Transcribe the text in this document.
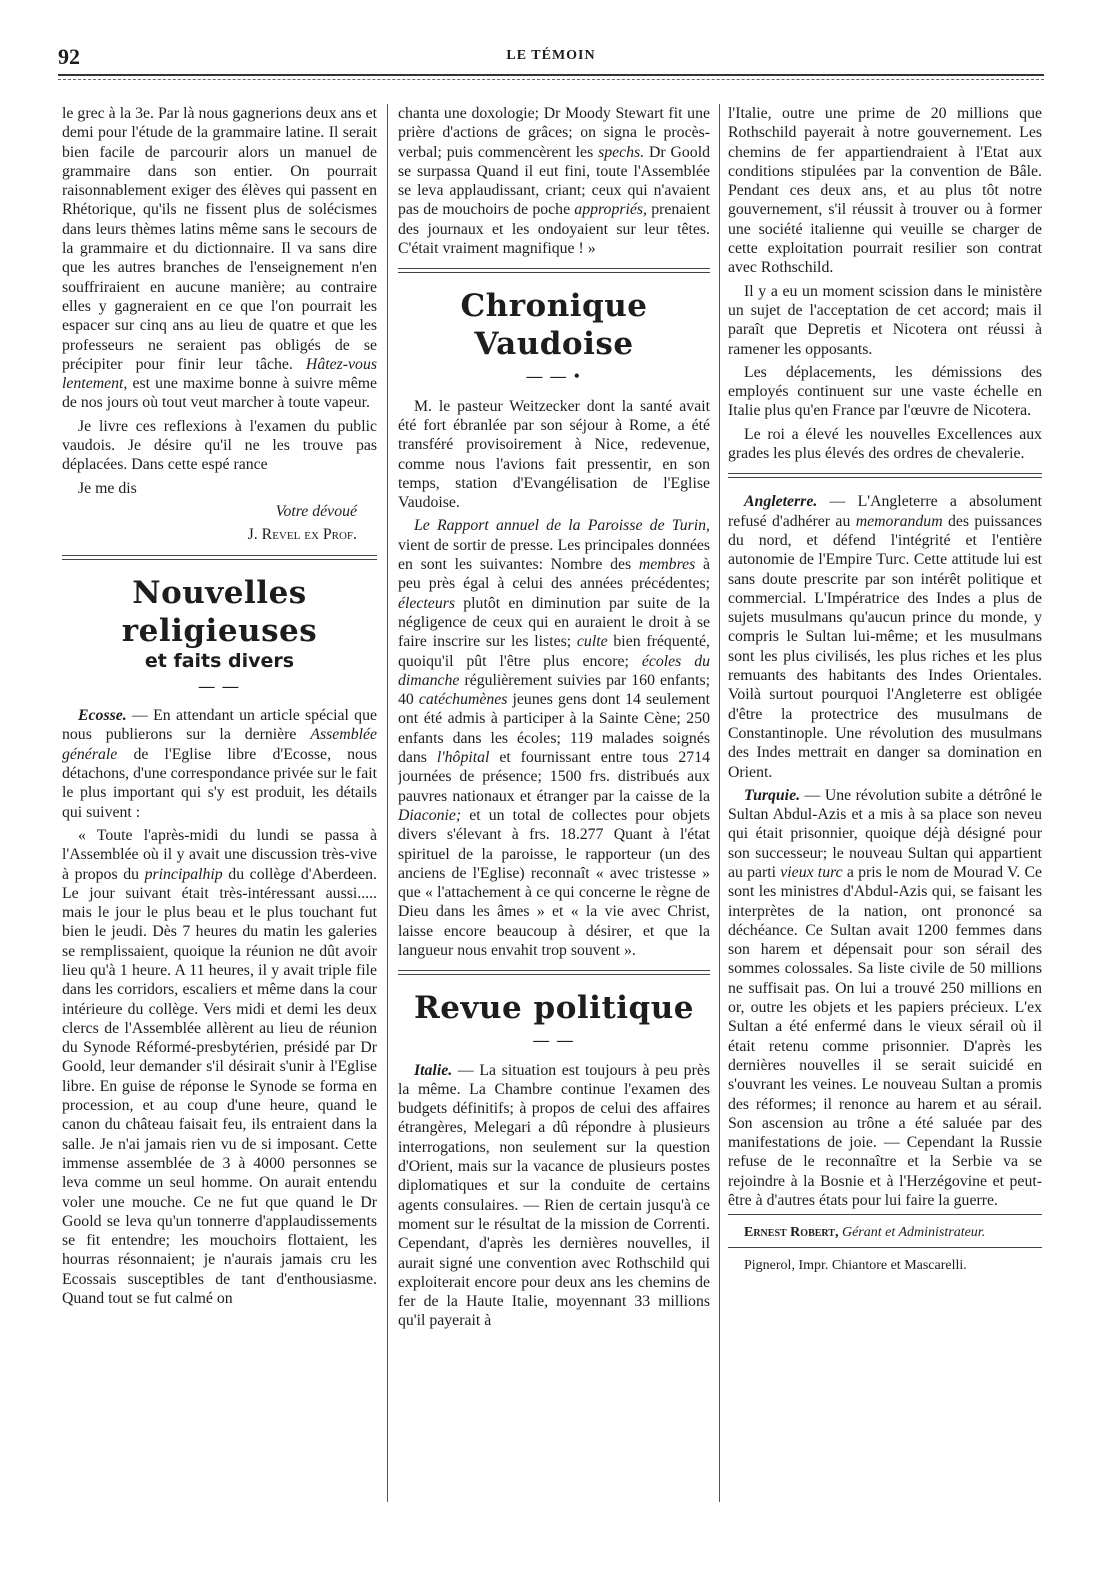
92	LE TÉMOIN

le grec à la 3e. Par là nous gagnerions deux ans et demi pour l'étude de la grammaire latine. Il serait bien facile de parcourir alors un manuel de grammaire dans son entier. On pourrait raisonnablement exiger des élèves qui passent en Rhétorique, qu'ils ne fissent plus de solécismes dans leurs thèmes latins même sans le secours de la grammaire et du dictionnaire. Il va sans dire que les autres branches de l'enseignement n'en souffriraient en aucune manière; au contraire elles y gagneraient en ce que l'on pourrait les espacer sur cinq ans au lieu de quatre et que les professeurs ne seraient pas obligés de se précipiter pour finir leur tâche. Hâtez-vous lentement, est une maxime bonne à suivre même de nos jours où tout veut marcher à toute vapeur.

Je livre ces reflexions à l'examen du public vaudois. Je désire qu'il ne les trouve pas déplacées. Dans cette espé rance

Je me dis

Votre dévoué

J. Revel ex Prof.

Nouvelles religieuses
et faits divers
— —

Ecosse. — En attendant un article spécial que nous publierons sur la dernière Assemblée générale de l'Eglise libre d'Ecosse, nous détachons, d'une correspondance privée sur le fait le plus important qui s'y est produit, les détails qui suivent :

« Toute l'après-midi du lundi se passa à l'Assemblée où il y avait une discussion très-vive à propos du principalhip du collège d'Aberdeen. Le jour suivant était très-intéressant aussi..... mais le jour le plus beau et le plus touchant fut bien le jeudi. Dès 7 heures du matin les galeries se remplissaient, quoique la réunion ne dût avoir lieu qu'à 1 heure. A 11 heures, il y avait triple file dans les corridors, escaliers et même dans la cour intérieure du collège. Vers midi et demi les deux clercs de l'Assemblée allèrent au lieu de réunion du Synode Réformé-presbytérien, présidé par Dr Goold, leur demander s'il désirait s'unir à l'Eglise libre. En guise de réponse le Synode se forma en procession, et au coup d'une heure, quand le canon du château faisait feu, ils entraient dans la salle. Je n'ai jamais rien vu de si imposant. Cette immense assemblée de 3 à 4000 personnes se leva comme un seul homme. On aurait entendu voler une mouche. Ce ne fut que quand le Dr Goold se leva qu'un tonnerre d'applaudissements se fit entendre; les mouchoirs flottaient, les hourras résonnaient; je n'aurais jamais cru les Ecossais susceptibles de tant d'enthousiasme. Quand tout se fut calmé on

chanta une doxologie; Dr Moody Stewart fit une prière d'actions de grâces; on signa le procès-verbal; puis commencèrent les spechs. Dr Goold se surpassa Quand il eut fini, toute l'Assemblée se leva applaudissant, criant; ceux qui n'avaient pas de mouchoirs de poche appropriés, prenaient des journaux et les ondoyaient sur leur têtes. C'était vraiment magnifique ! »

Chronique Vaudoise
— — •

M. le pasteur Weitzecker dont la santé avait été fort ébranlée par son séjour à Rome, a été transféré provisoirement à Nice, redevenue, comme nous l'avions fait pressentir, en son temps, station d'Evangélisation de l'Eglise Vaudoise.

Le Rapport annuel de la Paroisse de Turin, vient de sortir de presse. Les principales données en sont les suivantes: Nombre des membres à peu près égal à celui des années précédentes; électeurs plutôt en diminution par suite de la négligence de ceux qui en auraient le droit à se faire inscrire sur les listes; culte bien fréquenté, quoiqu'il pût l'être plus encore; écoles du dimanche régulièrement suivies par 160 enfants; 40 catéchumènes jeunes gens dont 14 seulement ont été admis à participer à la Sainte Cène; 250 enfants dans les écoles; 119 malades soignés dans l'hôpital et fournissant entre tous 2714 journées de présence; 1500 frs. distribués aux pauvres nationaux et étranger par la caisse de la Diaconie; et un total de collectes pour objets divers s'élevant à frs. 18.277 Quant à l'état spirituel de la paroisse, le rapporteur (un des anciens de l'Eglise) reconnaît « avec tristesse » que « l'attachement à ce qui concerne le règne de Dieu dans les âmes » et « la vie avec Christ, laisse encore beaucoup à désirer, et que la langueur nous envahit trop souvent ».

Revue politique
— —

Italie. — La situation est toujours à peu près la même. La Chambre continue l'examen des budgets définitifs; à propos de celui des affaires étrangères, Melegari a dû répondre à plusieurs interrogations, non seulement sur la question d'Orient, mais sur la vacance de plusieurs postes diplomatiques et sur la conduite de certains agents consulaires. — Rien de certain jusqu'à ce moment sur le résultat de la mission de Correnti. Cependant, d'après les dernières nouvelles, il aurait signé une convention avec Rothschild qui exploiterait encore pour deux ans les chemins de fer de la Haute Italie, moyennant 33 millions qu'il payerait à

l'Italie, outre une prime de 20 millions que Rothschild payerait à notre gouvernement. Les chemins de fer appartiendraient à l'Etat aux conditions stipulées par la convention de Bâle. Pendant ces deux ans, et au plus tôt notre gouvernement, s'il réussit à trouver ou à former une société italienne qui veuille se charger de cette exploitation pourrait resilier son contrat avec Rothschild.

Il y a eu un moment scission dans le ministère un sujet de l'acceptation de cet accord; mais il paraît que Depretis et Nicotera ont réussi à ramener les opposants.

Les déplacements, les démissions des employés continuent sur une vaste échelle en Italie plus qu'en France par l'œuvre de Nicotera.

Le roi a élevé les nouvelles Excellences aux grades les plus élevés des ordres de chevalerie.

Angleterre. — L'Angleterre a absolument refusé d'adhérer au memorandum des puissances du nord, et défend l'intégrité et l'entière autonomie de l'Empire Turc. Cette attitude lui est sans doute prescrite par son intérêt politique et commercial. L'Impératrice des Indes a plus de sujets musulmans qu'aucun prince du monde, y compris le Sultan lui-même; et les musulmans sont les plus civilisés, les plus riches et les plus remuants des habitants des Indes Orientales. Voilà surtout pourquoi l'Angleterre est obligée d'être la protectrice des musulmans de Constantinople. Une révolution des musulmans des Indes mettrait en danger sa domination en Orient.

Turquie. — Une révolution subite a détrôné le Sultan Abdul-Azis et a mis à sa place son neveu qui était prisonnier, quoique déjà désigné pour son successeur; le nouveau Sultan qui appartient au parti vieux turc a pris le nom de Mourad V. Ce sont les ministres d'Abdul-Azis qui, se faisant les interprètes de la nation, ont prononcé sa déchéance. Ce Sultan avait 1200 femmes dans son harem et dépensait pour son sérail des sommes colossales. Sa liste civile de 50 millions ne suffisait pas. On lui a trouvé 250 millions en or, outre les objets et les papiers précieux. L'ex Sultan a été enfermé dans le vieux sérail où il était retenu comme prisonnier. D'après les dernières nouvelles il se serait suicidé en s'ouvrant les veines. Le nouveau Sultan a promis des réformes; il renonce au harem et au sérail. Son ascension au trône a été saluée par des manifestations de joie. — Cependant la Russie refuse de le reconnaître et la Serbie va se rejoindre à la Bosnie et à l'Herzégovine et peut-être à d'autres états pour lui faire la guerre.

Ernest Robert, Gérant et Administrateur.

Pignerol, Impr. Chiantore et Mascarelli.
